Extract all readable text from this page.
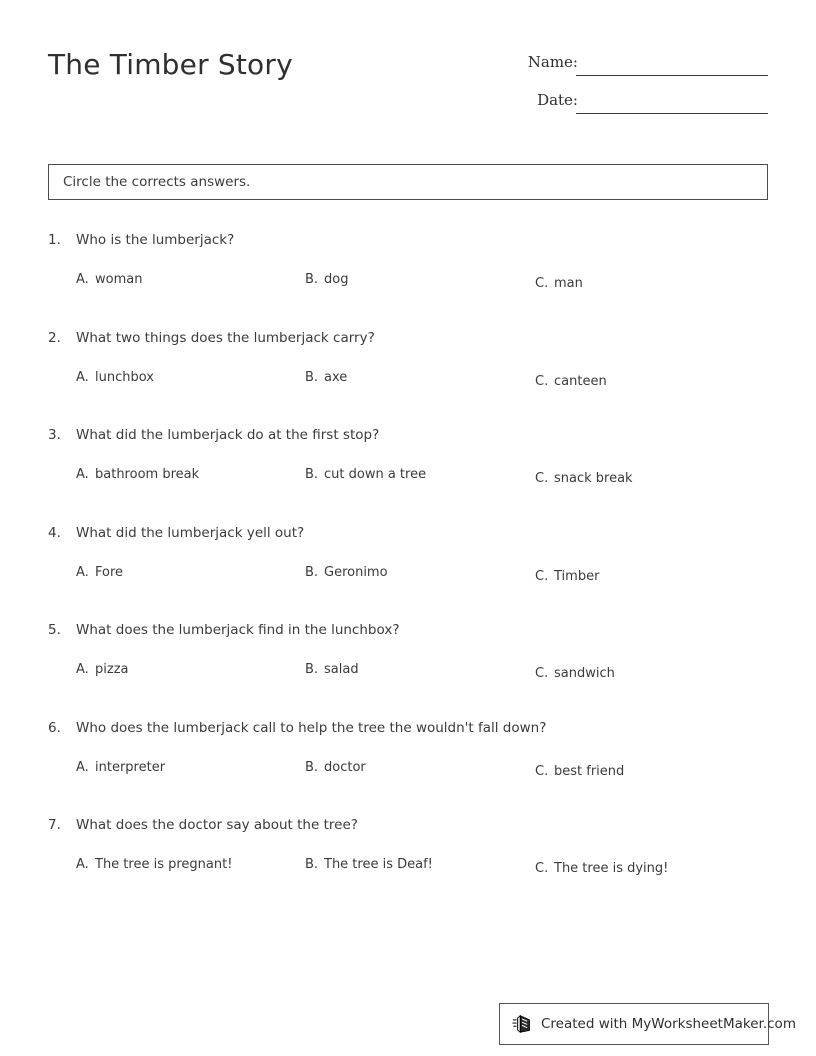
The Timber Story	Name:
Date:
Circle the corrects answers.
1. Who is the lumberjack?
A. woman	B. dog	C. man
2. What two things does the lumberjack carry?
A. lunchbox	B. axe	C. canteen
3. What did the lumberjack do at the first stop?
A. bathroom break	B. cut down a tree	C. snack break
4. What did the lumberjack yell out?
A. Fore	B. Geronimo	C. Timber
5. What does the lumberjack find in the lunchbox?
A. pizza	B. salad	C. sandwich
6. Who does the lumberjack call to help the tree the wouldn't fall down?
A. interpreter	B. doctor	C. best friend
7. What does the doctor say about the tree?
A. The tree is pregnant!	B. The tree is Deaf!	C. The tree is dying!
Created with MyWorksheetMaker.com
